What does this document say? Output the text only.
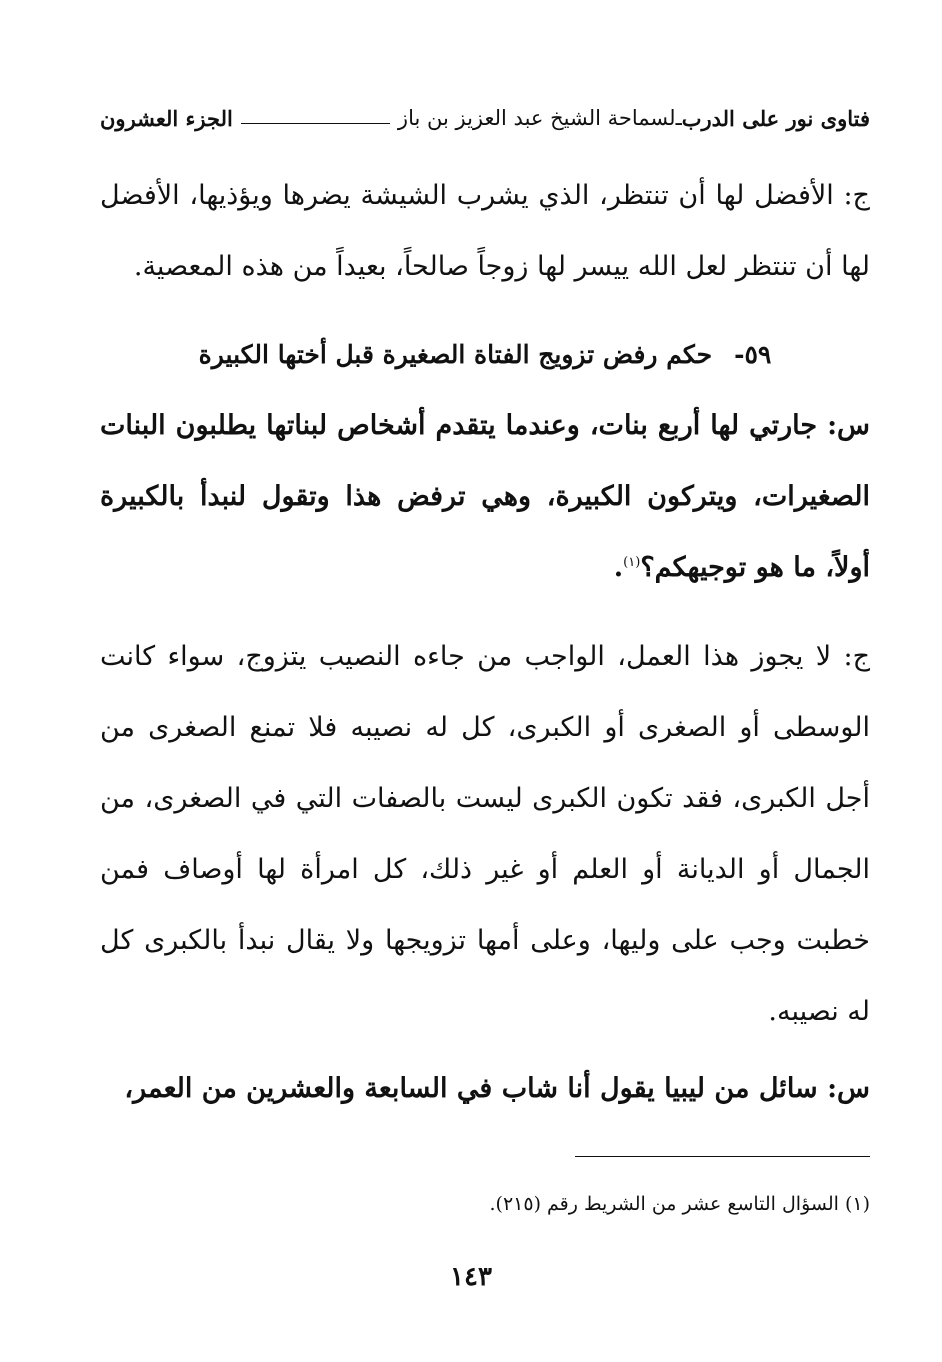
فتاوى نور على الدرب
ـ
لسماحة الشيخ عبد العزيز بن باز
الجزء العشرون

ج: الأفضل لها أن تنتظر، الذي يشرب الشيشة يضرها ويؤذيها، الأفضل لها أن تنتظر لعل الله ييسر لها زوجاً صالحاً، بعيداً من هذه المعصية.

٥٩-حكم رفض تزويج الفتاة الصغيرة قبل أختها الكبيرة

س: جارتي لها أربع بنات، وعندما يتقدم أشخاص لبناتها يطلبون البنات الصغيرات، ويتركون الكبيرة، وهي ترفض هذا وتقول لنبدأ بالكبيرة أولاً، ما هو توجيهكم؟$^{(١)}$.

ج: لا يجوز هذا العمل، الواجب من جاءه النصيب يتزوج، سواء كانت الوسطى أو الصغرى أو الكبرى، كل له نصيبه فلا تمنع الصغرى من أجل الكبرى، فقد تكون الكبرى ليست بالصفات التي في الصغرى، من الجمال أو الديانة أو العلم أو غير ذلك، كل امرأة لها أوصاف فمن خطبت وجب على وليها، وعلى أمها تزويجها ولا يقال نبدأ بالكبرى كل له نصيبه.

س: سائل من ليبيا يقول أنا شاب في السابعة والعشرين من العمر،

(١) السؤال التاسع عشر من الشريط رقم (٢١٥).
١٤٣
